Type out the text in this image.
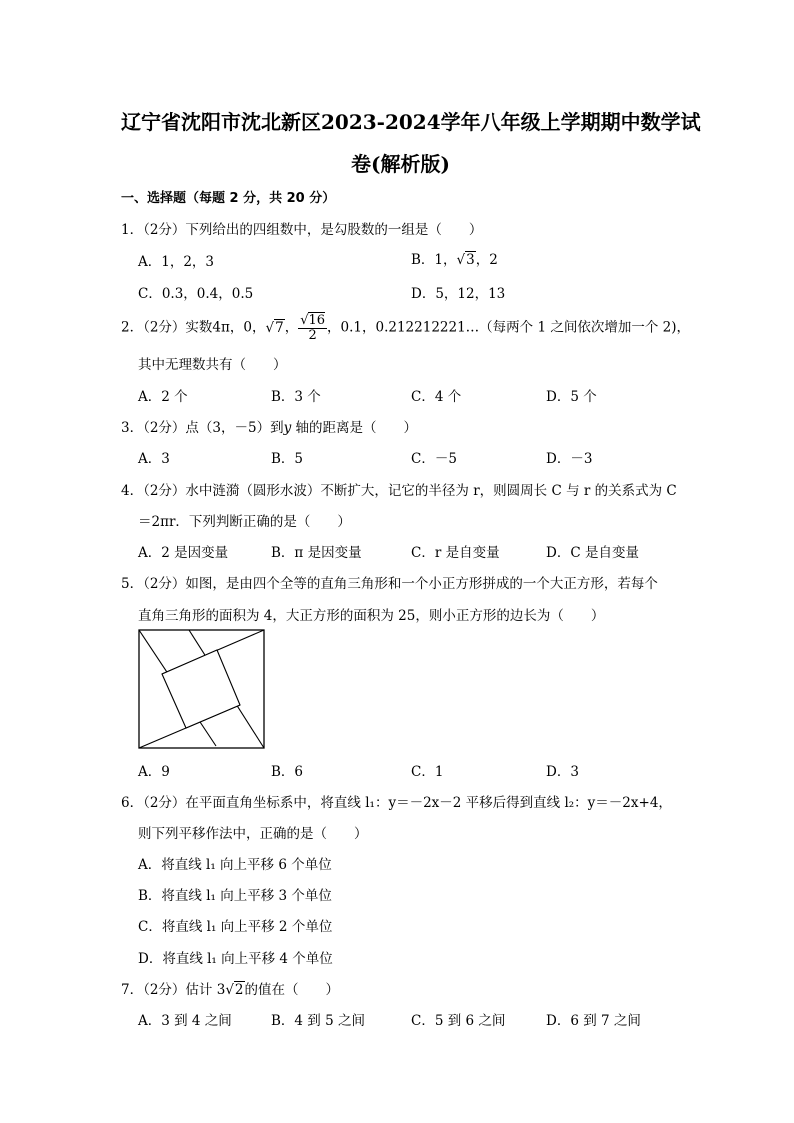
辽宁省沈阳市沈北新区2023-2024学年八年级上学期期中数学试
卷(解析版)
一、选择题（每题 2 分，共 20 分）
1．（2分）下列给出的四组数中，是勾股数的一组是（　　）
A．1，2，3	B．1，√3，2
C．0.3，0.4，0.5	D．5，12，13
2．（2分）实数4π，0，√7， $\frac{√16}{2}$ ，0.1，0.212212221…（每两个 1 之间依次增加一个 2)，
其中无理数共有（　　）
A．2 个	B．3 个	C．4 个	D．5 个
3．（2分）点（3，－5）到y 轴的距离是（　　）
A．3	B．5	C．－5	D．－3
4．（2分）水中涟漪（圆形水波）不断扩大，记它的半径为 r，则圆周长 C 与 r 的关系式为 C
＝2πr．下列判断正确的是（　　）
A．2 是因变量	B．π 是因变量	C．r 是自变量	D．C 是自变量
5．（2分）如图，是由四个全等的直角三角形和一个小正方形拼成的一个大正方形，若每个
直角三角形的面积为 4，大正方形的面积为 25，则小正方形的边长为（　　）
A．9	B．6	C．1	D．3
6．（2分）在平面直角坐标系中，将直线 l₁：y＝－2x－2 平移后得到直线 l₂：y＝－2x+4，
则下列平移作法中，正确的是（　　）
A．将直线 l₁ 向上平移 6 个单位
B．将直线 l₁ 向上平移 3 个单位
C．将直线 l₁ 向上平移 2 个单位
D．将直线 l₁ 向上平移 4 个单位
7．（2分）估计 3√2的值在（　　）
A．3 到 4 之间	B．4 到 5 之间	C．5 到 6 之间	D．6 到 7 之间
